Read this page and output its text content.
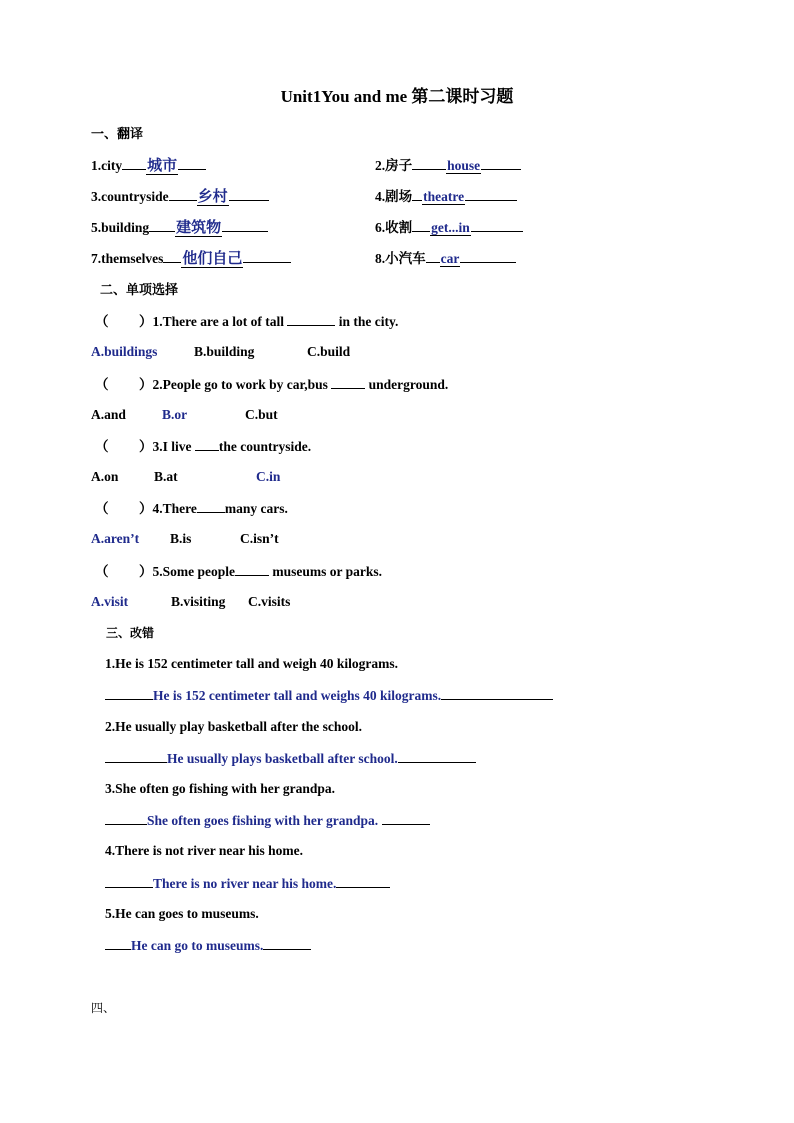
Unit1You and me 第二课时习题
一、翻译
1.city 城市	2.房子	house
3.countryside 乡村	4.剧场 theatre
5.building 建筑物	6.收割 get...in
7.themselves 他们自己	8.小汽车 car
二、单项选择
（ ）1.There are a lot of tall	in the city.
A.buildings	B.building	C.build
（ ）2.People go to work by car,bus	underground.
A.and	B.or	C.but
（ ）3.I live the countryside.
A.on	B.at	C.in
（ ）4.There many cars.
A.aren’t B.is	C.isn’t
（ ）5.Some people	museums or parks.
A.visit	B.visiting C.visits
三、改错
1.He is 152 centimeter tall and weigh 40 kilograms.
He is 152 centimeter tall and weighs 40 kilograms.
2.He usually play basketball after the school.
He usually plays basketball after school.
3.She often go fishing with her grandpa.
She often goes fishing with her grandpa.
4.There is not river near his home.
There is no river near his home.
5.He can goes to museums.
He can go to museums.
四、
